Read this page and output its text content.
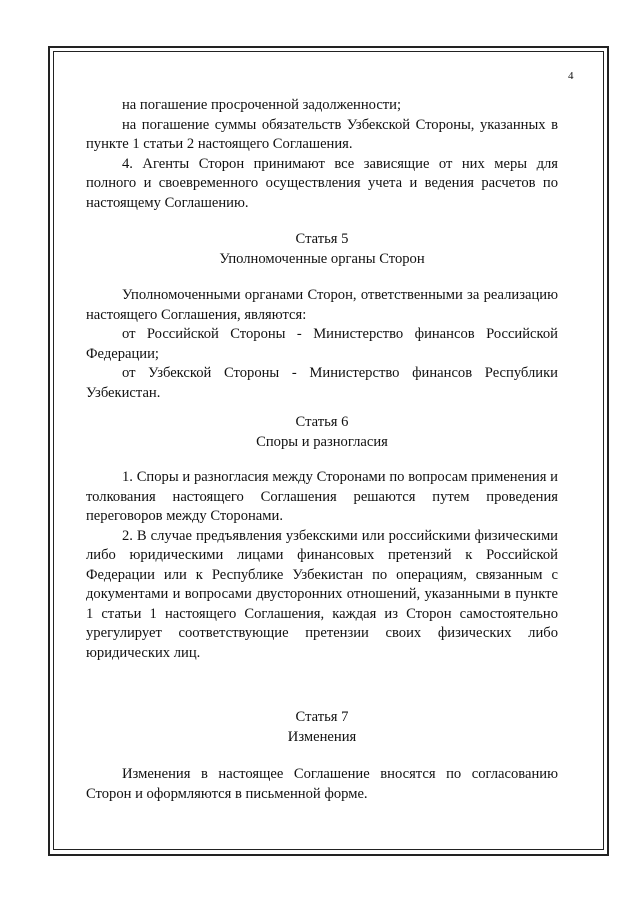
4

на погашение просроченной задолженности;

на погашение суммы обязательств Узбекской Стороны, указанных в пункте 1 статьи 2 настоящего Соглашения.

4. Агенты Сторон принимают все зависящие от них меры для полного и своевременного осуществления учета и ведения расчетов по настоящему Соглашению.

Статья 5

Уполномоченные органы Сторон

Уполномоченными органами Сторон, ответственными за реализацию настоящего Соглашения, являются:

от Российской Стороны - Министерство финансов Российской Федерации;

от Узбекской Стороны - Министерство финансов Республики Узбекистан.

Статья 6

Споры и разногласия

1. Споры и разногласия между Сторонами по вопросам применения и толкования настоящего Соглашения решаются путем проведения переговоров между Сторонами.

2. В случае предъявления узбекскими или российскими физическими либо юридическими лицами финансовых претензий к Российской Федерации или к Республике Узбекистан по операциям, связанным с документами и вопросами двусторонних отношений, указанными в пункте 1 статьи 1 настоящего Соглашения, каждая из Сторон самостоятельно урегулирует соответствующие претензии своих физических либо юридических лиц.

Статья 7

Изменения

Изменения в настоящее Соглашение вносятся по согласованию Сторон и оформляются в письменной форме.
